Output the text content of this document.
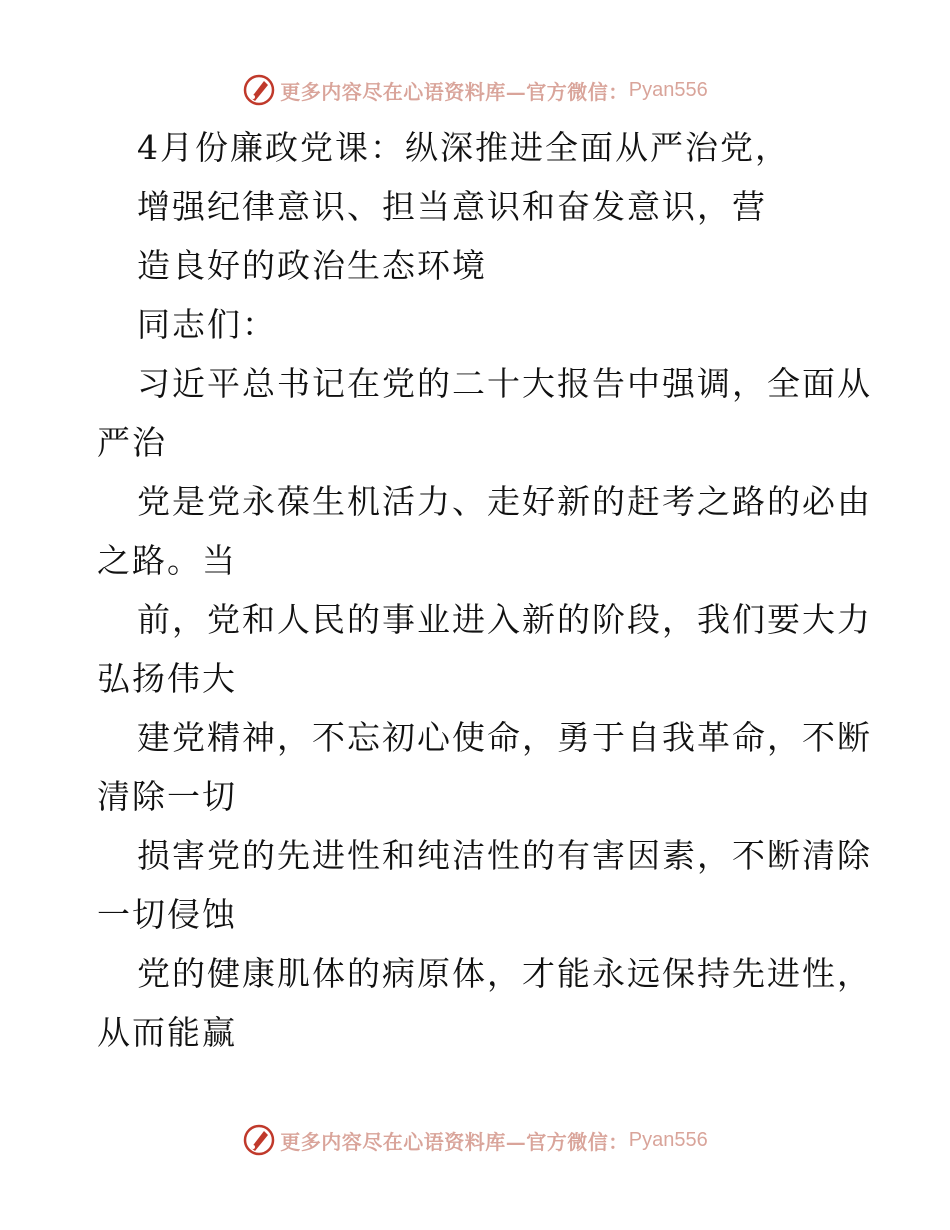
更多内容尽在心语资料库—官方微信： Pyan556
4月份廉政党课：纵深推进全面从严治党，
增强纪律意识、担当意识和奋发意识，营
造良好的政治生态环境
同志们：
习近平总书记在党的二十大报告中强调，全面从
严治
党是党永葆生机活力、走好新的赶考之路的必由
之路。当
前，党和人民的事业进入新的阶段，我们要大力
弘扬伟大
建党精神，不忘初心使命，勇于自我革命，不断
清除一切
损害党的先进性和纯洁性的有害因素，不断清除
一切侵蚀
党的健康肌体的病原体，才能永远保持先进性，
从而能赢
更多内容尽在心语资料库—官方微信： Pyan556
